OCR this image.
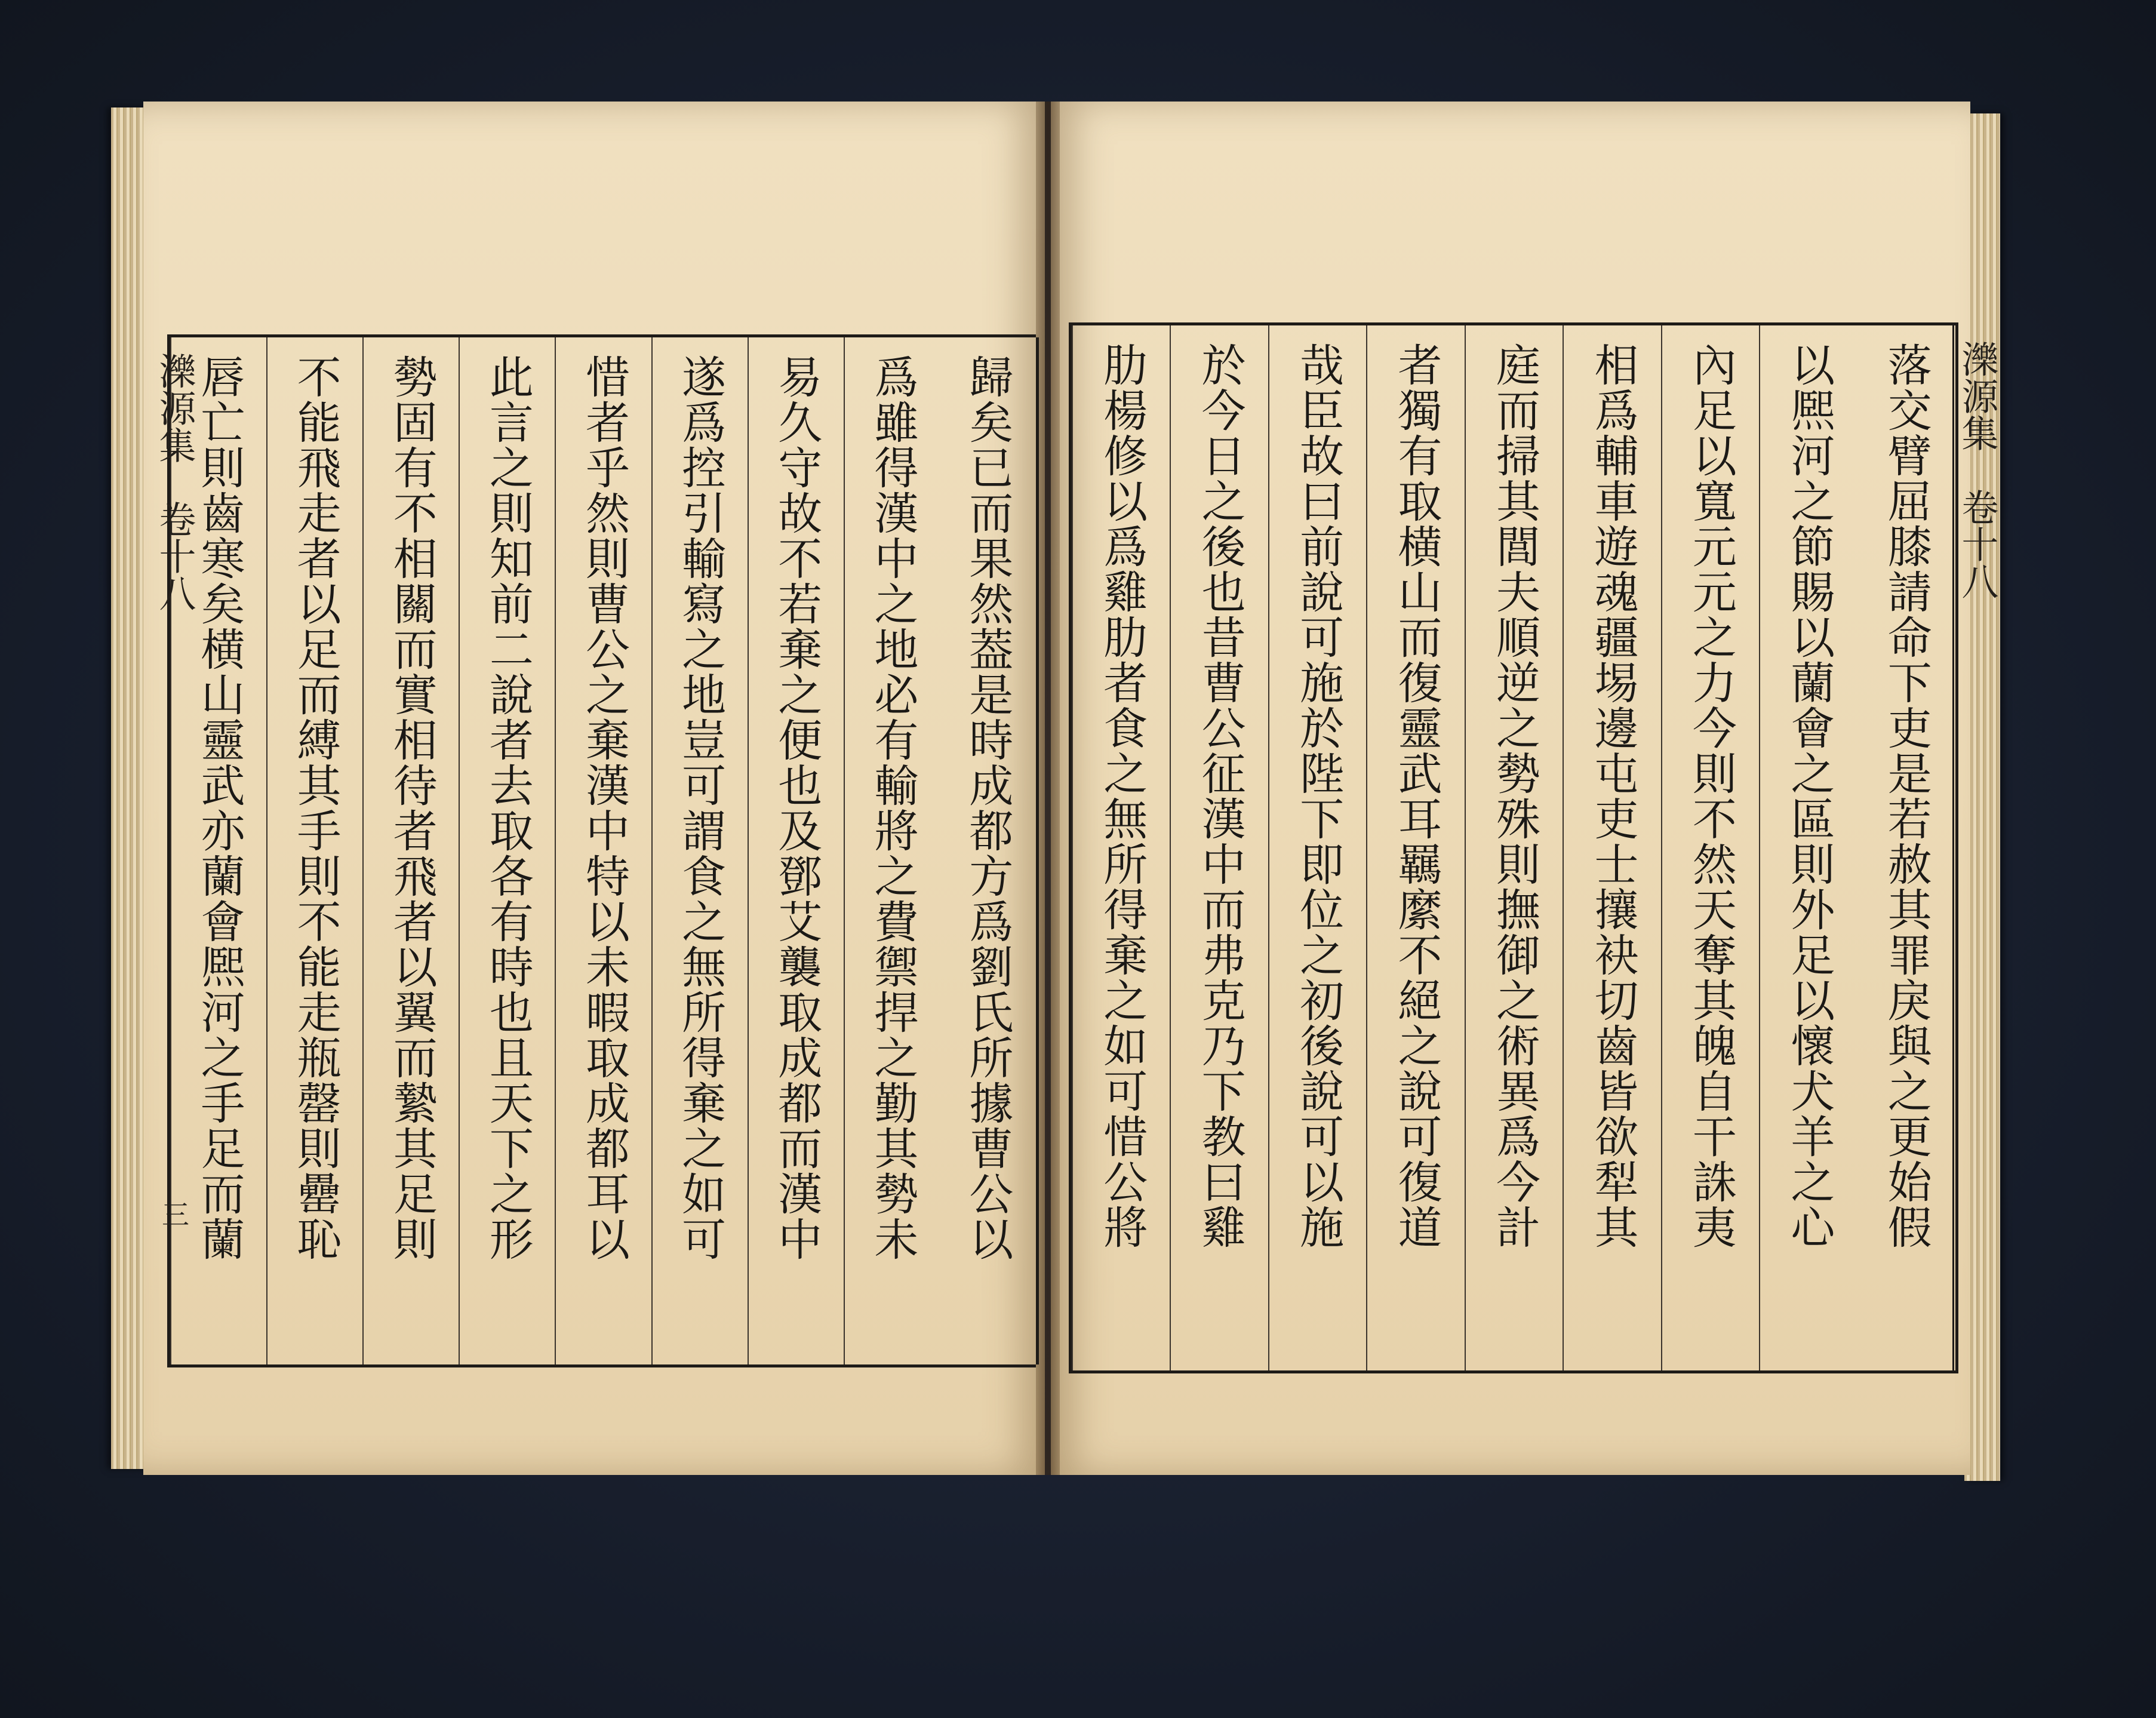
落交臂屈膝請命下吏是若赦其罪戾與之更始假
以熈河之節賜以蘭會之區則外足以懷犬羊之心
內足以寬元元之力今則不然天奪其魄自干誅夷
相爲輔車遊魂疆埸邊屯吏士攘袂切齒皆欲犁其
庭而掃其閭夫順逆之勢殊則撫御之術異爲今計
者獨有取横山而復靈武耳羈縻不絕之說可復道
哉臣故曰前說可施於陛下即位之初後說可以施
於今日之後也昔曹公征漢中而弗克乃下教曰雞
肋楊修以爲雞肋者食之無所得棄之如可惜公將	濼源集　卷十八
歸矣已而果然葢是時成都方爲劉氏所據曹公以
爲雖得漢中之地必有輸將之費禦捍之勤其勢未
易久守故不若棄之便也及鄧艾襲取成都而漢中
遂爲控引輸寫之地豈可謂食之無所得棄之如可
惜者乎然則曹公之棄漢中特以未暇取成都耳以
此言之則知前二說者去取各有時也且天下之形
勢固有不相關而實相待者飛者以翼而縶其足則
不能飛走者以足而縛其手則不能走瓶罄則罍恥
唇亡則齒寒矣横山靈武亦蘭會熈河之手足而蘭
濼源集　卷十八
三
